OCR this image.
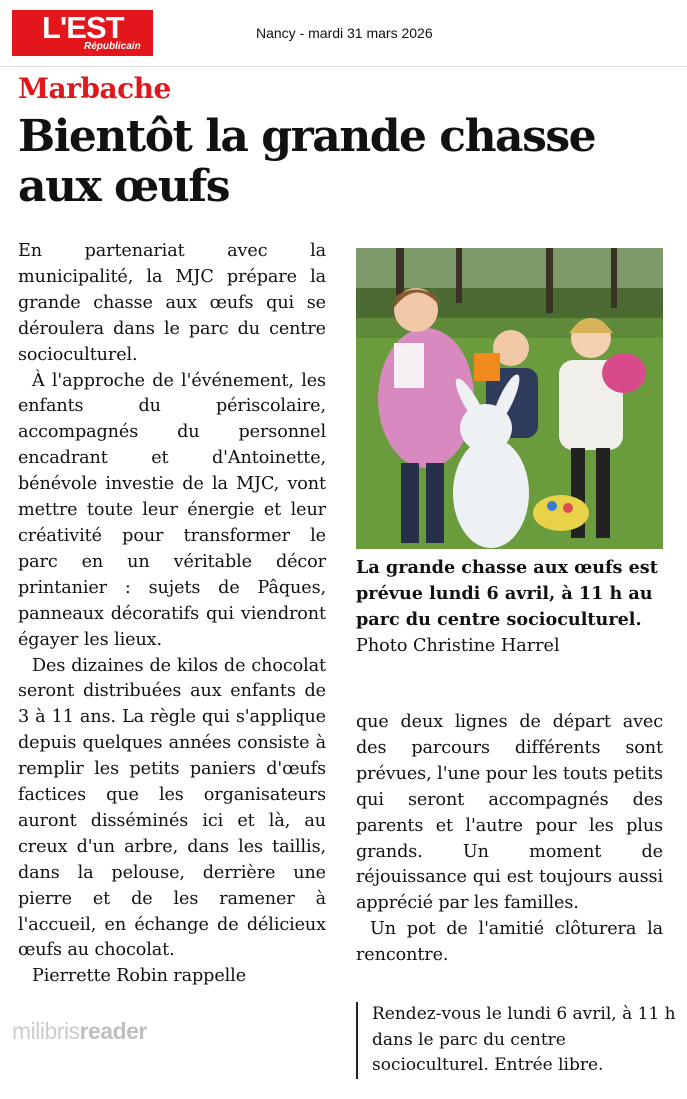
L'EST
Républicain
Nancy - mardi 31 mars 2026
Marbache
Bientôt la grande chasse
aux œufs

En partenariat avec la municipalité, la MJC prépare la grande chasse aux œufs qui se déroulera dans le parc du centre socioculturel.

À l'approche de l'événement, les enfants du périscolaire, accompagnés du personnel encadrant et d'Antoinette, bénévole investie de la MJC, vont mettre toute leur énergie et leur créativité pour transformer le parc en un véritable décor printanier : sujets de Pâques, panneaux décoratifs qui viendront égayer les lieux.

Des dizaines de kilos de chocolat seront distribuées aux enfants de 3 à 11 ans. La règle qui s'applique depuis quelques années consiste à remplir les petits paniers d'œufs factices que les organisateurs auront disséminés ici et là, au creux d'un arbre, dans les taillis, dans la pelouse, derrière une pierre et de les ramener à l'accueil, en échange de délicieux œufs au chocolat.

Pierrette Robin rappelle

La grande chasse aux œufs est prévue lundi 6 avril, à 11 h au parc du centre socioculturel. Photo Christine Harrel

que deux lignes de départ avec des parcours différents sont prévues, l'une pour les touts petits qui seront accompagnés des parents et l'autre pour les plus grands. Un moment de réjouissance qui est toujours aussi apprécié par les familles.

Un pot de l'amitié clôturera la rencontre.

Rendez-vous le lundi 6 avril, à 11 h dans le parc du centre socioculturel. Entrée libre.
milibrisreader
